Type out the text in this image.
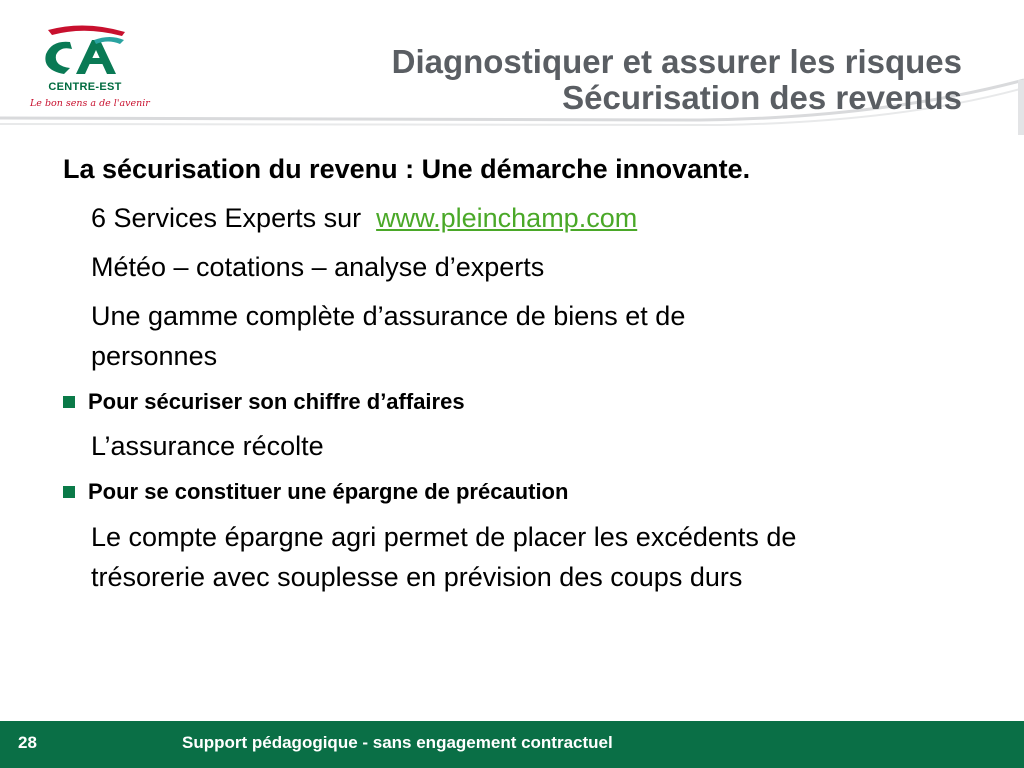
CENTRE-EST
Le bon sens a de l'avenir
Diagnostiquer et assurer les risques
Sécurisation des revenus
La sécurisation du revenu : Une démarche innovante.
6 Services Experts sur www.pleinchamp.com
Météo – cotations – analyse d’experts
Une gamme complète d’assurance de biens et de
personnes
Pour sécuriser son chiffre d’affaires
L’assurance récolte
Pour se constituer une épargne de précaution
Le compte épargne agri permet de placer les excédents de
trésorerie avec souplesse en prévision des coups durs
28	Support pédagogique - sans engagement contractuel
